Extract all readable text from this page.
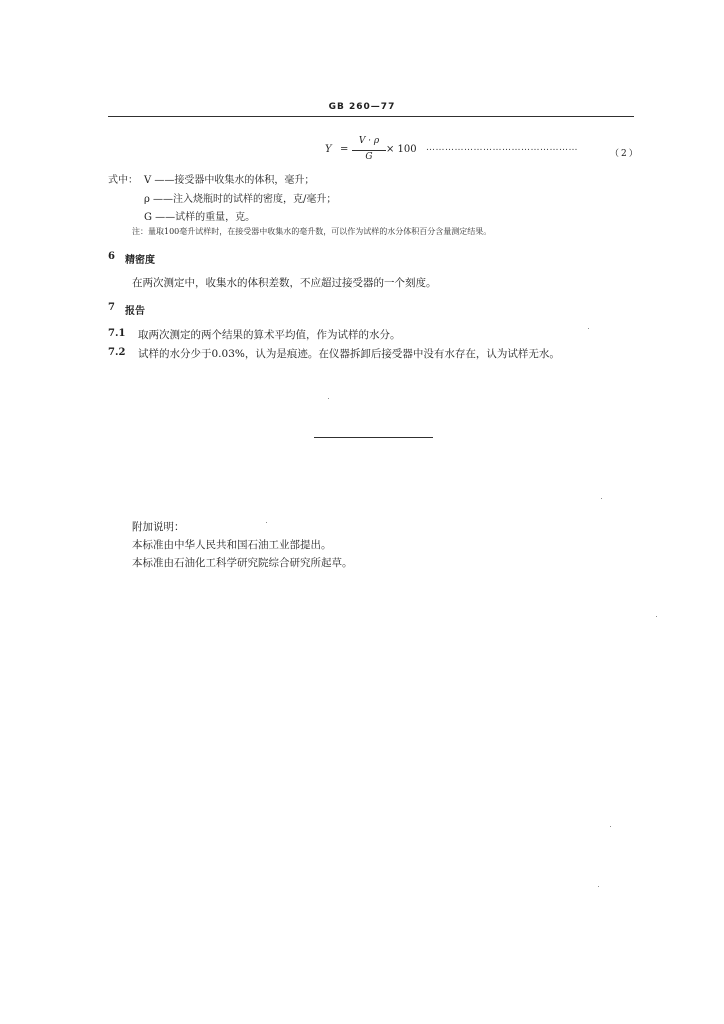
GB 260—77
Y =
V · ρ
G
× 100 …………………………………………
（2）
式中： V ——接受器中收集水的体积，毫升；
ρ ——注入烧瓶时的试样的密度，克/毫升；
G ——试样的重量，克。
注：量取100毫升试样时，在接受器中收集水的毫升数，可以作为试样的水分体积百分含量测定结果。
6 精密度
在两次测定中，收集水的体积差数，不应超过接受器的一个刻度。
7 报告
7.1 取两次测定的两个结果的算术平均值，作为试样的水分。
7.2 试样的水分少于0.03%，认为是痕迹。在仪器拆卸后接受器中没有水存在，认为试样无水。
附加说明：
本标准由中华人民共和国石油工业部提出。
本标准由石油化工科学研究院综合研究所起草。
